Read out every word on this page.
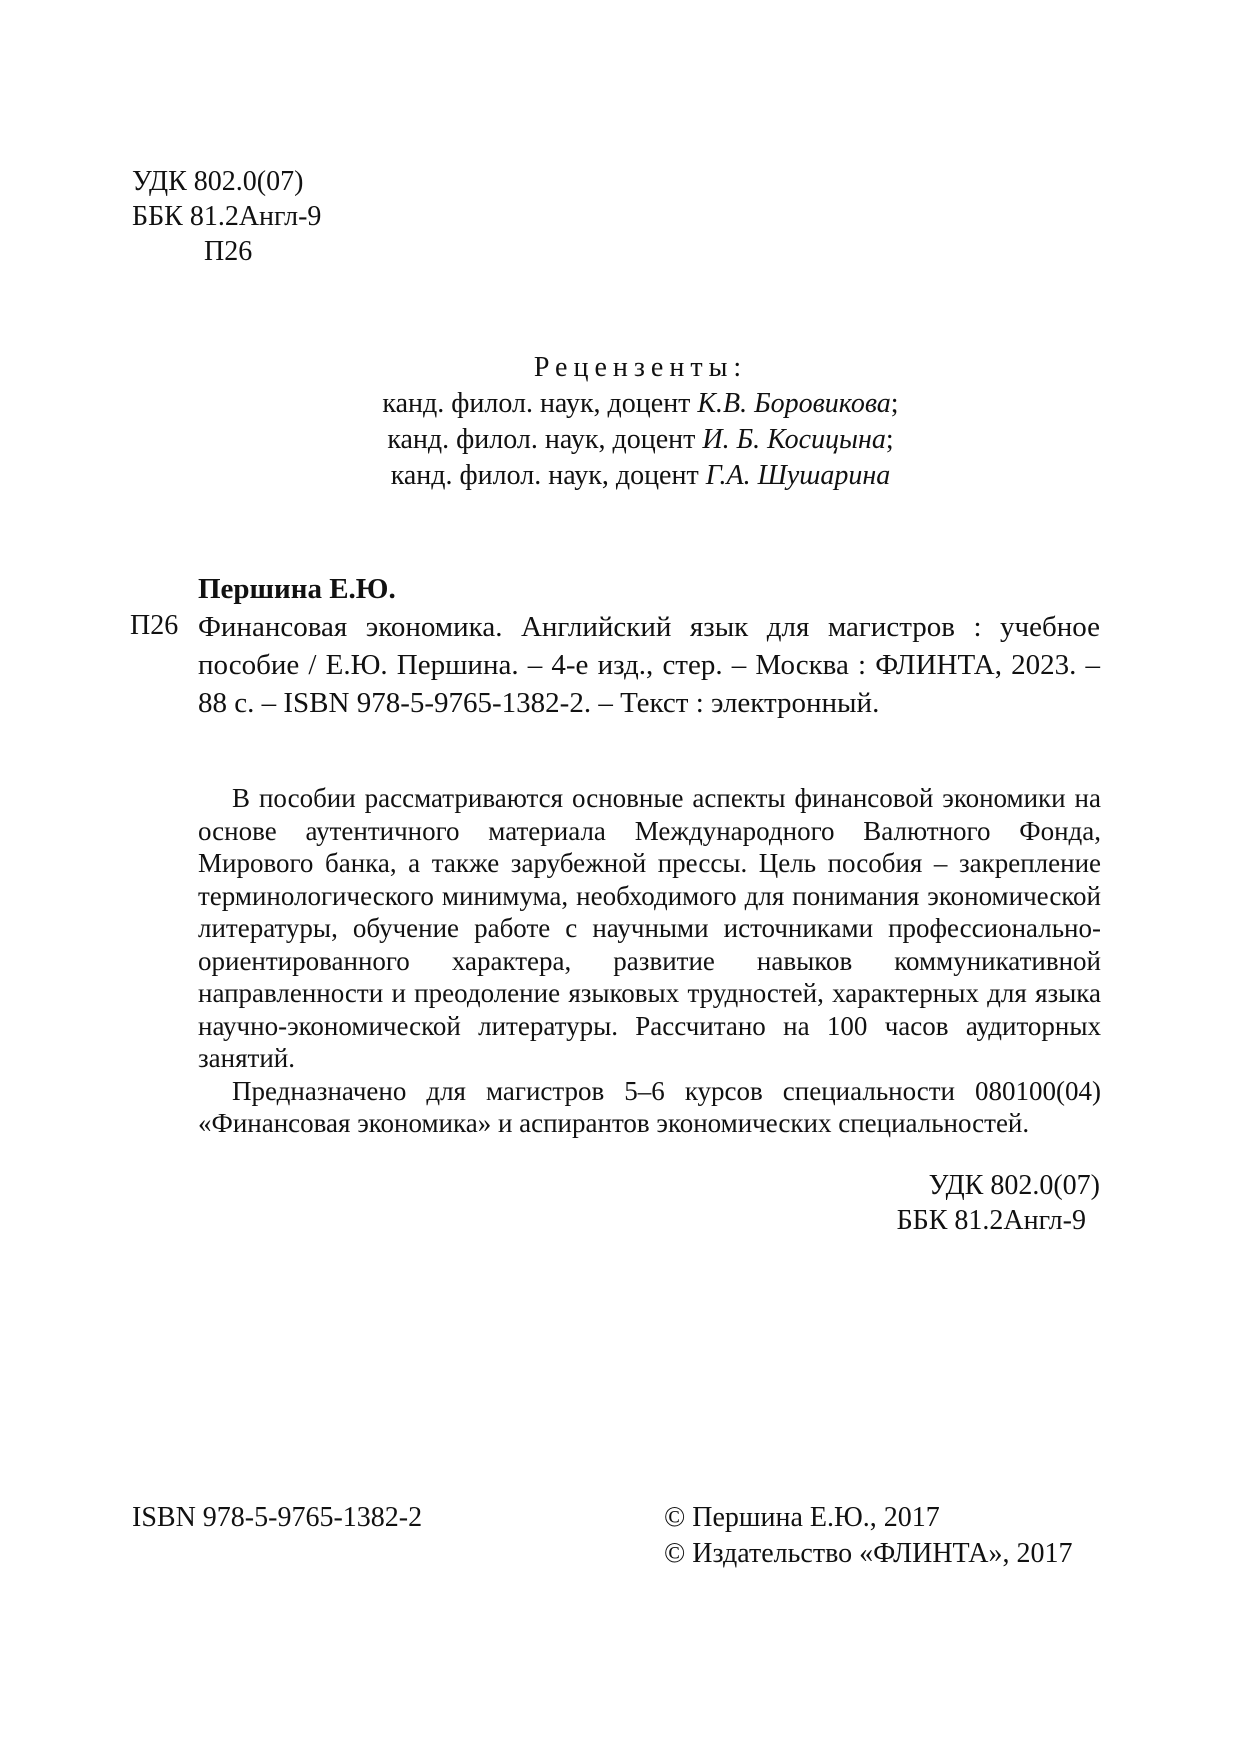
УДК 802.0(07)
ББК 81.2Англ-9
П26
Рецензенты:
канд. филол. наук, доцент К.В. Боровикова;
канд. филол. наук, доцент И. Б. Косицына;
канд. филол. наук, доцент Г.А. Шушарина
Першина Е.Ю.
П26 Финансовая экономика. Английский язык для магистров : учебное пособие / Е.Ю. Першина. – 4-е изд., стер. – Москва : ФЛИНТА, 2023. – 88 с. – ISBN 978-5-9765-1382-2. – Текст : электронный.

В пособии рассматриваются основные аспекты финансовой экономики на основе аутентичного материала Международного Валютного Фонда, Мирового банка, а также зарубежной прессы. Цель пособия – закрепление терминологического минимума, необходимого для понимания экономической литературы, обучение работе с научными источниками профессионально-ориентированного характера, развитие навыков коммуникативной направленности и преодоление языковых трудностей, характерных для языка научно-экономической литературы. Рассчитано на 100 часов аудиторных занятий.

Предназначено для магистров 5–6 курсов специальности 080100(04) «Финансовая экономика» и аспирантов экономических специальностей.

УДК 802.0(07)
ББК 81.2Англ-9
ISBN 978-5-9765-1382-2	© Першина Е.Ю., 2017
© Издательство «ФЛИНТА», 2017
